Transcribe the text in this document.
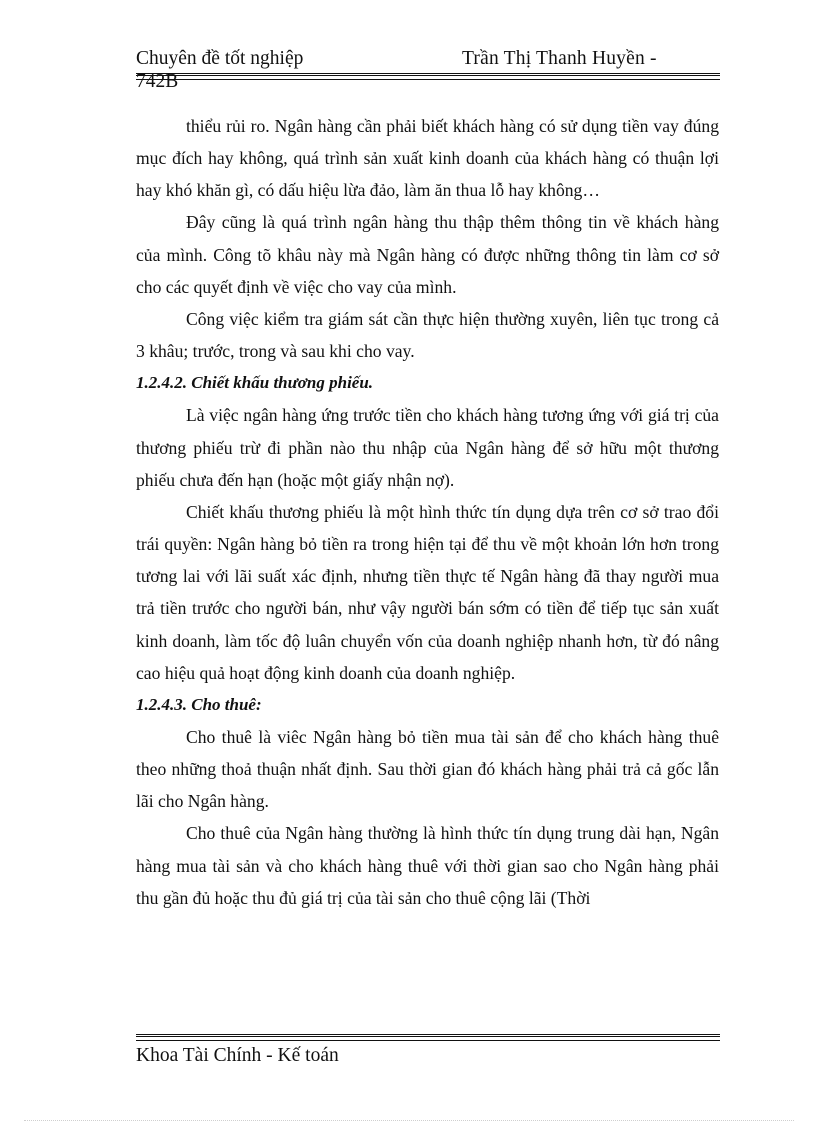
Chuyên đề tốt nghiệp	Trần Thị Thanh Huyền -
742B

thiểu rủi ro. Ngân hàng cần phải biết khách hàng có sử dụng tiền vay đúng mục đích hay không, quá trình sản xuất kinh doanh của khách hàng có thuận lợi hay khó khăn gì, có dấu hiệu lừa đảo, làm ăn thua lỗ hay không…

Đây cũng là quá trình ngân hàng thu thập thêm thông tin về khách hàng của mình. Công tõ khâu này mà Ngân hàng có được những thông tin làm cơ sở cho các quyết định về việc cho vay của mình.

Công việc kiểm tra giám sát cần thực hiện thường xuyên, liên tục trong cả 3 khâu; trước, trong và sau khi cho vay.

1.2.4.2. Chiết khấu thương phiếu.

Là việc ngân hàng ứng trước tiền cho khách hàng tương ứng với giá trị của thương phiếu trừ đi phần nào thu nhập của Ngân hàng để sở hữu một thương phiếu chưa đến hạn (hoặc một giấy nhận nợ).

Chiết khấu thương phiếu là một hình thức tín dụng dựa trên cơ sở trao đổi trái quyền: Ngân hàng bỏ tiền ra trong hiện tại để thu về một khoản lớn hơn trong tương lai với lãi suất xác định, nhưng tiền thực tế Ngân hàng đã thay người mua trả tiền trước cho người bán, như vậy người bán sớm có tiền để tiếp tục sản xuất kinh doanh, làm tốc độ luân chuyển vốn của doanh nghiệp nhanh hơn, từ đó nâng cao hiệu quả hoạt động kinh doanh của doanh nghiệp.

1.2.4.3. Cho thuê:

Cho thuê là viêc Ngân hàng bỏ tiền mua tài sản để cho khách hàng thuê theo những thoả thuận nhất định. Sau thời gian đó khách hàng phải trả cả gốc lẫn lãi cho Ngân hàng.

Cho thuê của Ngân hàng thường là hình thức tín dụng trung dài hạn, Ngân hàng mua tài sản và cho khách hàng thuê với thời gian sao cho Ngân hàng phải thu gần đủ hoặc thu đủ giá trị của tài sản cho thuê cộng lãi (Thời

Khoa Tài Chính - Kế toán
